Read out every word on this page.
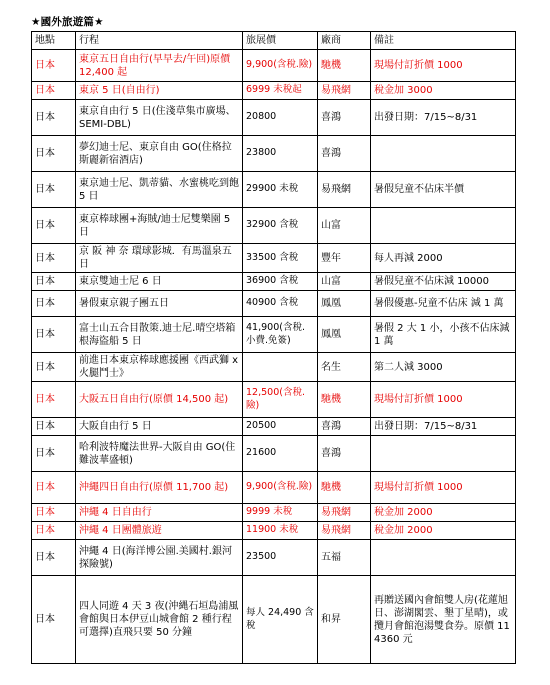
★國外旅遊篇★
地點	行程	旅展價	廠商	備註
日本	東京五日自由行(早早去/午回)原價 12,400 起	9,900(含稅.險)	馳機	現場付訂折價 1000
日本	東京 5 日(自由行)	6999 未稅起	易飛網	稅金加 3000
日本	東京自由行 5 日(住淺草集市廣場、SEMI-DBL)	20800	喜鴻	出發日期：7/15~8/31
日本	夢幻迪士尼、東京自由 GO(住格拉斯麗新宿酒店)	23800	喜鴻	
日本	東京迪士尼、凱蒂貓、水蜜桃吃到飽 5 日	29900 未稅	易飛網	暑假兒童不佔床半價
日本	東京棒球團+海賊/迪士尼雙樂園 5 日	32900 含稅	山富	
日本	京 阪 神 奈 環球影城．有馬溫泉五日	33500 含稅	豐年	每人再減 2000
日本	東京雙迪士尼 6 日	36900 含稅	山富	暑假兒童不佔床減 10000
日本	暑假東京親子團五日	40900 含稅	鳳凰	暑假優惠-兒童不佔床 減 1 萬
日本	富士山五合目散策.迪士尼.晴空塔箱根海盜船 5 日	41,900(含稅.小費.免簽)	鳳凰	暑假 2 大 1 小，小孩不佔床減 1 萬
日本	前進日本東京棒球應援團《西武獅 x 火腿鬥士》		名生	第二人減 3000
日本	大阪五日自由行(原價 14,500 起)	12,500(含稅.險)	馳機	現場付訂折價 1000
日本	大阪自由行 5 日	20500	喜鴻	出發日期：7/15~8/31
日本	哈利波特魔法世界-大阪自由 GO(住難波華盛頓)	21600	喜鴻	
日本	沖繩四日自由行(原價 11,700 起)	9,900(含稅.險)	馳機	現場付訂折價 1000
日本	沖繩 4 日自由行	9999 未稅	易飛網	稅金加 2000
日本	沖繩 4 日團體旅遊	11900 未稅	易飛網	稅金加 2000
日本	沖繩 4 日(海洋博公園.美國村.銀河探險號)	23500	五福	
日本	四人同遊 4 天 3 夜(沖縄石垣島浦風會館與日本伊豆山城會館 2 種行程可選擇)直飛只要 50 分鐘	每人 24,490 含稅	和昇	再贈送國內會館雙人房(花蓮旭日、澎湖閣雲、墾丁星晴)，或攬月會館泡湯雙食券。原價 114360 元
